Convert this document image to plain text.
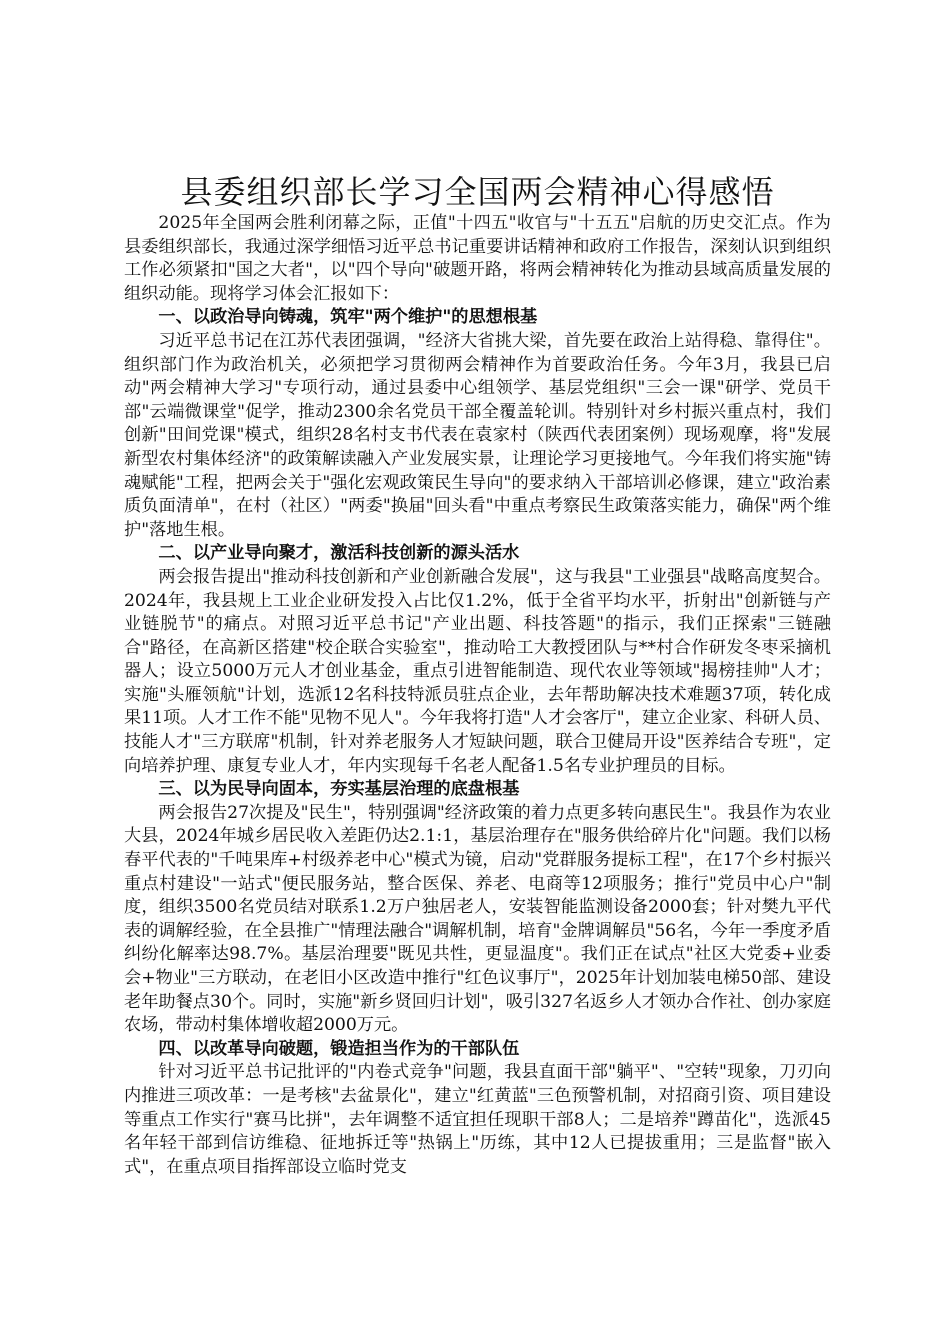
县委组织部长学习全国两会精神心得感悟

2025年全国两会胜利闭幕之际，正值"十四五"收官与"十五五"启航的历史交汇点。作为县委组织部长，我通过深学细悟习近平总书记重要讲话精神和政府工作报告，深刻认识到组织工作必须紧扣"国之大者"，以"四个导向"破题开路，将两会精神转化为推动县域高质量发展的组织动能。现将学习体会汇报如下：

一、以政治导向铸魂，筑牢"两个维护"的思想根基

习近平总书记在江苏代表团强调，"经济大省挑大梁，首先要在政治上站得稳、靠得住"。组织部门作为政治机关，必须把学习贯彻两会精神作为首要政治任务。今年3月，我县已启动"两会精神大学习"专项行动，通过县委中心组领学、基层党组织"三会一课"研学、党员干部"云端微课堂"促学，推动2300余名党员干部全覆盖轮训。特别针对乡村振兴重点村，我们创新"田间党课"模式，组织28名村支书代表在袁家村（陕西代表团案例）现场观摩，将"发展新型农村集体经济"的政策解读融入产业发展实景，让理论学习更接地气。今年我们将实施"铸魂赋能"工程，把两会关于"强化宏观政策民生导向"的要求纳入干部培训必修课，建立"政治素质负面清单"，在村（社区）"两委"换届"回头看"中重点考察民生政策落实能力，确保"两个维护"落地生根。

二、以产业导向聚才，激活科技创新的源头活水

两会报告提出"推动科技创新和产业创新融合发展"，这与我县"工业强县"战略高度契合。2024年，我县规上工业企业研发投入占比仅1.2%，低于全省平均水平，折射出"创新链与产业链脱节"的痛点。对照习近平总书记"产业出题、科技答题"的指示，我们正探索"三链融合"路径，在高新区搭建"校企联合实验室"，推动哈工大教授团队与**村合作研发冬枣采摘机器人；设立5000万元人才创业基金，重点引进智能制造、现代农业等领域"揭榜挂帅"人才；实施"头雁领航"计划，选派12名科技特派员驻点企业，去年帮助解决技术难题37项，转化成果11项。人才工作不能"见物不见人"。今年我将打造"人才会客厅"，建立企业家、科研人员、技能人才"三方联席"机制，针对养老服务人才短缺问题，联合卫健局开设"医养结合专班"，定向培养护理、康复专业人才，年内实现每千名老人配备1.5名专业护理员的目标。

三、以为民导向固本，夯实基层治理的底盘根基

两会报告27次提及"民生"，特别强调"经济政策的着力点更多转向惠民生"。我县作为农业大县，2024年城乡居民收入差距仍达2.1:1，基层治理存在"服务供给碎片化"问题。我们以杨春平代表的"千吨果库+村级养老中心"模式为镜，启动"党群服务提标工程"，在17个乡村振兴重点村建设"一站式"便民服务站，整合医保、养老、电商等12项服务；推行"党员中心户"制度，组织3500名党员结对联系1.2万户独居老人，安装智能监测设备2000套；针对樊九平代表的调解经验，在全县推广"情理法融合"调解机制，培育"金牌调解员"56名，今年一季度矛盾纠纷化解率达98.7%。基层治理要"既见共性，更显温度"。我们正在试点"社区大党委+业委会+物业"三方联动，在老旧小区改造中推行"红色议事厅"，2025年计划加装电梯50部、建设老年助餐点30个。同时，实施"新乡贤回归计划"，吸引327名返乡人才领办合作社、创办家庭农场，带动村集体增收超2000万元。

四、以改革导向破题，锻造担当作为的干部队伍

针对习近平总书记批评的"内卷式竞争"问题，我县直面干部"躺平"、"空转"现象，刀刃向内推进三项改革：一是考核"去盆景化"，建立"红黄蓝"三色预警机制，对招商引资、项目建设等重点工作实行"赛马比拼"，去年调整不适宜担任现职干部8人；二是培养"蹲苗化"，选派45名年轻干部到信访维稳、征地拆迁等"热锅上"历练，其中12人已提拔重用；三是监督"嵌入式"，在重点项目指挥部设立临时党支
